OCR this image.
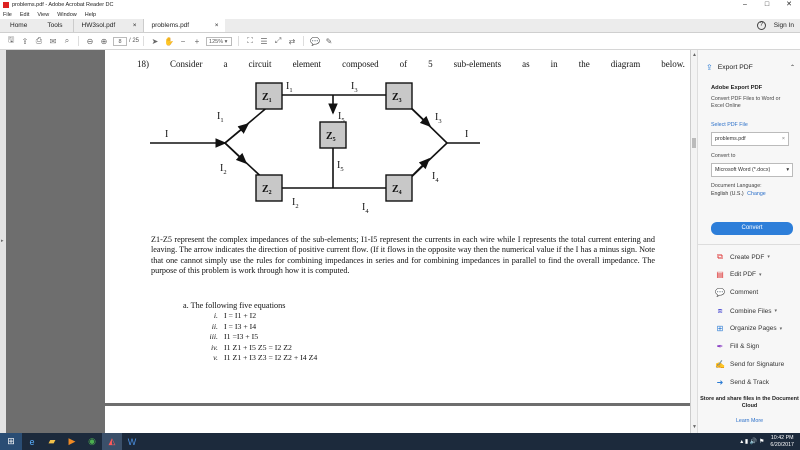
problems.pdf - Adobe Acrobat Reader DC	–	□	✕
File Edit View Window Help
Home	Tools	HW3sol.pdf	× problems.pdf	×	?	Sign In
🖫 ⇪ ⎙ ✉	⌕	⊖ ⊕	8	/ 25	➤ ✋ −	+	125% ▾	⛶ ☰ ⤢ ⇄	💬 ✎
▸
18) Consider a circuit element composed of 5 sub-elements as in the diagram below.
$Z_1$
$Z_2$
$Z_3$
$Z_4$
$Z_5$
I	I
$I_1$
$I_1$
$I_2$
$I_2$
$I_3$
$I_3$
$I_4$
$I_4$
$I_5$
$I_5$
Z1-Z5 represent the complex impedances of the sub-elements; I1-I5 represent the currents in each wire while I represents the total current entering and leaving. The arrow indicates the direction of positive current flow. (If it flows in the opposite way then the numerical value if the I has a minus sign. Note that one cannot simply use the rules for combining impedances in series and for combining impedances in parallel to find the overall impedance. The purpose of this problem is work through how it is computed.
a. The following five equations
i. I = I1 + I2
ii. I = I3 + I4
iii. I1 =I3 + I5
iv. I1 Z1 + I5 Z5 = I2 Z2
v. I1 Z1 + I3 Z3 = I2 Z2 + I4 Z4
▲
▼
⇪ Export PDF	⌃
Adobe Export PDF
Convert PDF Files to Word or Excel Online
Select PDF File
problems.pdf	×
Convert to
Microsoft Word (*.docx)	▾
Document Language:
English (U.S.) Change
Convert
⧉	Create PDF ▾
▤ Edit PDF ▾
💬 Comment
⧈	Combine Files ▾
⊞	Organize Pages ▾
✒	Fill & Sign
✍ Send for Signature
➜	Send & Track
Store and share files in the Document Cloud
Learn More
⊞ e ▰ ▶ ◉ ◭ W	▴
▮
🔊
⚑
10:42 PM
6/20/2017
